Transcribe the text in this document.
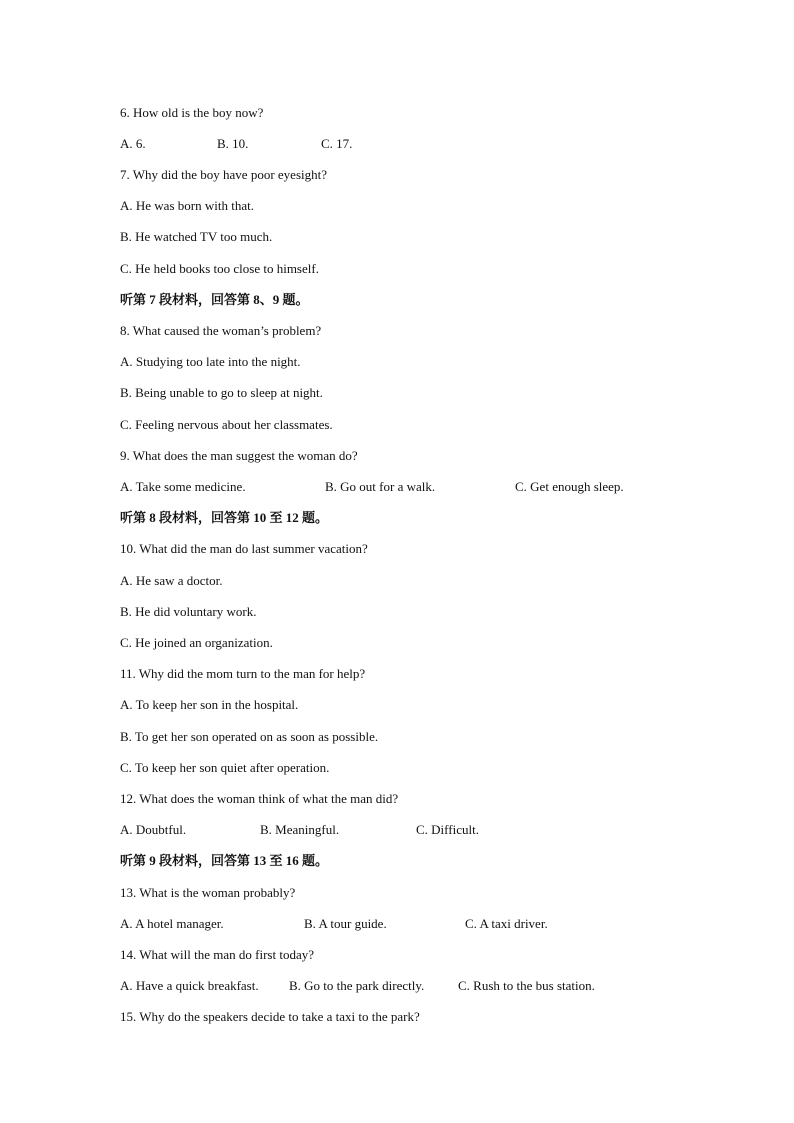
6. How old is the boy now?
A. 6.	B. 10.	C. 17.
7. Why did the boy have poor eyesight?
A. He was born with that.
B. He watched TV too much.
C. He held books too close to himself.
听第 7 段材料，回答第 8、9 题。
8. What caused the woman’s problem?
A. Studying too late into the night.
B. Being unable to go to sleep at night.
C. Feeling nervous about her classmates.
9. What does the man suggest the woman do?
A. Take some medicine.	B. Go out for a walk.	C. Get enough sleep.
听第 8 段材料，回答第 10 至 12 题。
10. What did the man do last summer vacation?
A. He saw a doctor.
B. He did voluntary work.
C. He joined an organization.
11. Why did the mom turn to the man for help?
A. To keep her son in the hospital.
B. To get her son operated on as soon as possible.
C. To keep her son quiet after operation.
12. What does the woman think of what the man did?
A. Doubtful.	B. Meaningful.	C. Difficult.
听第 9 段材料，回答第 13 至 16 题。
13. What is the woman probably?
A. A hotel manager.	B. A tour guide.	C. A taxi driver.
14. What will the man do first today?
A. Have a quick breakfast. B. Go to the park directly.	C. Rush to the bus station.
15. Why do the speakers decide to take a taxi to the park?
